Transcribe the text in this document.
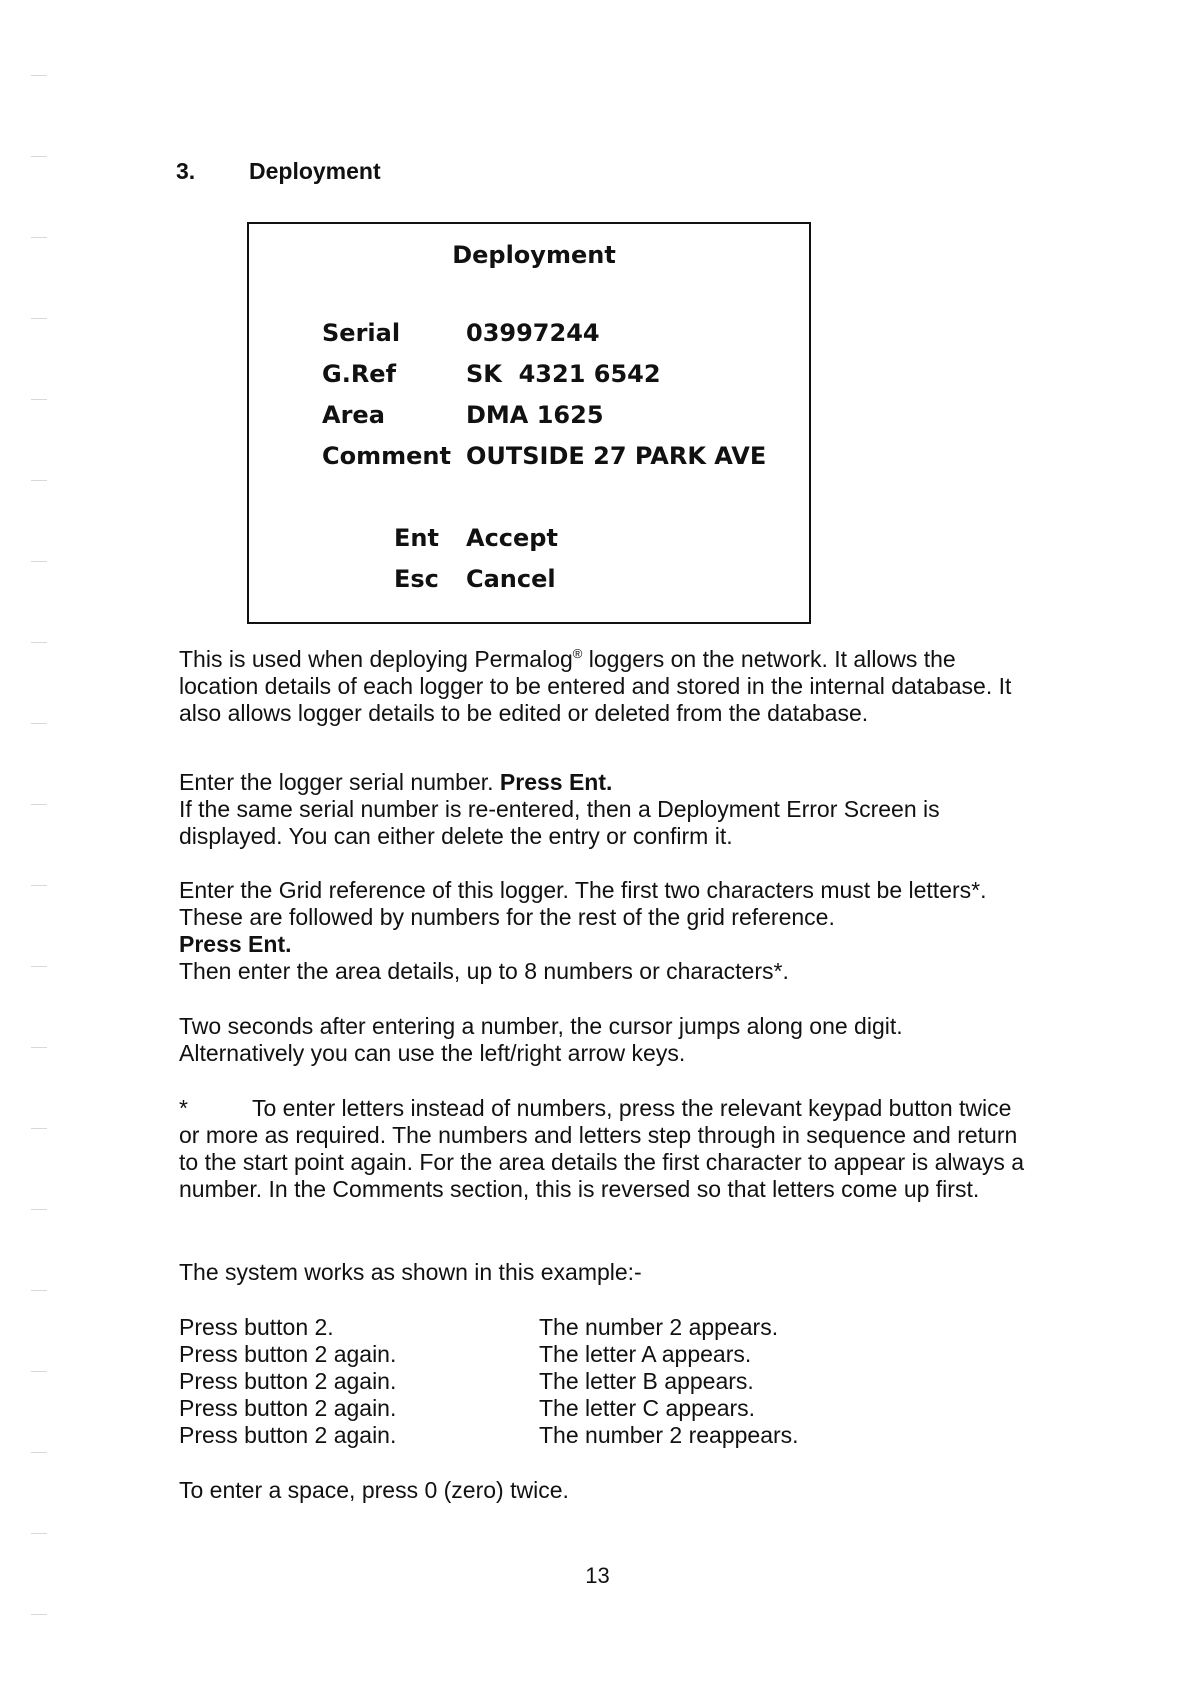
3. Deployment
Deployment
Serial	03997244
G.Ref	SK  4321 6542
Area	DMA 1625
Comment OUTSIDE 27 PARK AVE
Ent Accept
Esc Cancel

This is used when deploying Permalog® loggers on the network. It allows the location details of each logger to be entered and stored in the internal database. It also allows logger details to be edited or deleted from the database.

Enter the logger serial number. Press Ent.

If the same serial number is re-entered, then a Deployment Error Screen is displayed. You can either delete the entry or confirm it.

Enter the Grid reference of this logger. The first two characters must be letters*. These are followed by numbers for the rest of the grid reference.

Press Ent.

Then enter the area details, up to 8 numbers or characters*.

Two seconds after entering a number, the cursor jumps along one digit. Alternatively you can use the left/right arrow keys.

*	To enter letters instead of numbers, press the relevant keypad button twice or more as required. The numbers and letters step through in sequence and return to the start point again. For the area details the first character to appear is always a number. In the Comments section, this is reversed so that letters come up first.

The system works as shown in this example:-

Press button 2.	The number 2 appears.
Press button 2 again.	The letter A appears.
Press button 2 again.	The letter B appears.
Press button 2 again.	The letter C appears.
Press button 2 again.	The number 2 reappears.

To enter a space, press 0 (zero) twice.

13
